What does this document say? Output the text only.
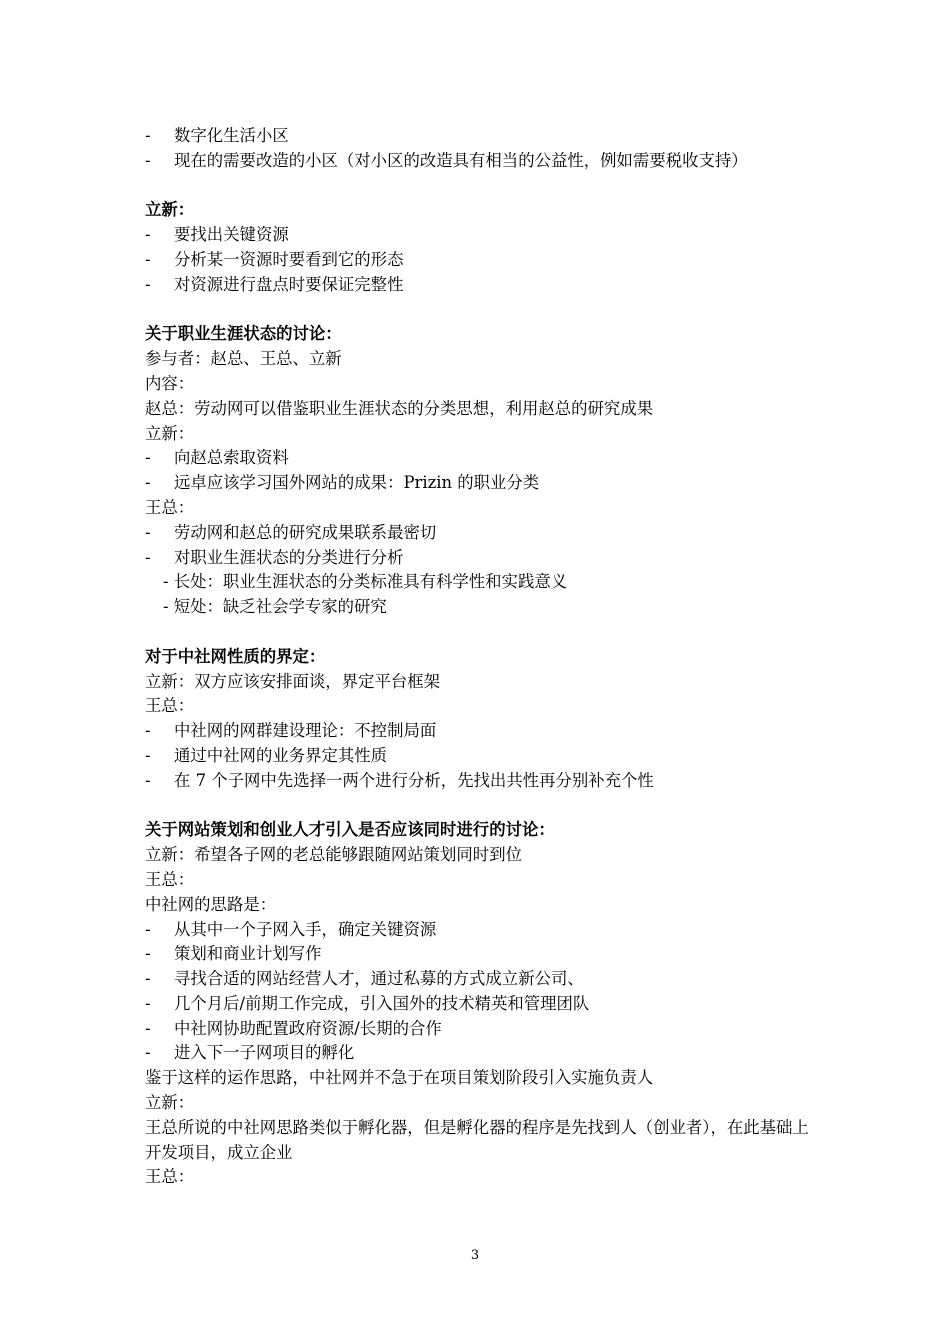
-	数字化生活小区
-	现在的需要改造的小区（对小区的改造具有相当的公益性，例如需要税收支持）
立新：
-	要找出关键资源
-	分析某一资源时要看到它的形态
-	对资源进行盘点时要保证完整性
关于职业生涯状态的讨论：
参与者：赵总、王总、立新
内容：
赵总：劳动网可以借鉴职业生涯状态的分类思想，利用赵总的研究成果
立新：
-	向赵总索取资料
-	远卓应该学习国外网站的成果：Prizin 的职业分类
王总：
-	劳动网和赵总的研究成果联系最密切
-	对职业生涯状态的分类进行分析
- 长处：职业生涯状态的分类标准具有科学性和实践意义
- 短处：缺乏社会学专家的研究
对于中社网性质的界定：
立新：双方应该安排面谈，界定平台框架
王总：
-	中社网的网群建设理论：不控制局面
-	通过中社网的业务界定其性质
-	在 7 个子网中先选择一两个进行分析，先找出共性再分别补充个性
关于网站策划和创业人才引入是否应该同时进行的讨论：
立新：希望各子网的老总能够跟随网站策划同时到位
王总：
中社网的思路是：
-	从其中一个子网入手，确定关键资源
-	策划和商业计划写作
-	寻找合适的网站经营人才，通过私募的方式成立新公司、
-	几个月后/前期工作完成，引入国外的技术精英和管理团队
-	中社网协助配置政府资源/长期的合作
-	进入下一子网项目的孵化
鉴于这样的运作思路，中社网并不急于在项目策划阶段引入实施负责人
立新：
王总所说的中社网思路类似于孵化器，但是孵化器的程序是先找到人（创业者），在此基础上开发项目，成立企业
王总：
3
